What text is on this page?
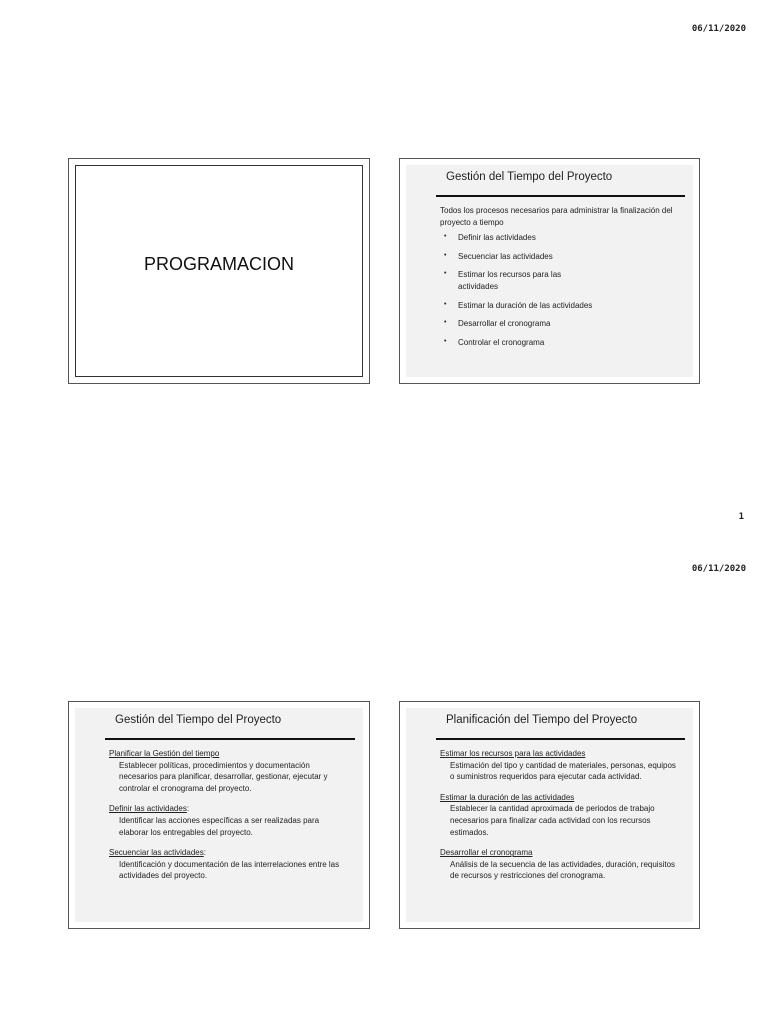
06/11/2020
PROGRAMACION
Gestión del Tiempo del Proyecto
Todos los procesos necesarios para administrar la finalización del proyecto a tiempo
• Definir las actividades
• Secuenciar las actividades
• Estimar los recursos para las actividades
• Estimar la duración de las actividades
• Desarrollar el cronograma
• Controlar el cronograma
1
06/11/2020
Gestión del Tiempo del Proyecto
Planificar la Gestión del tiempo
Establecer políticas, procedimientos y documentación necesarios para planificar, desarrollar, gestionar, ejecutar y controlar el cronograma del proyecto.
Definir las actividades:
Identificar las acciones específicas a ser realizadas para elaborar los entregables del proyecto.
Secuenciar las actividades:
Identificación y documentación de las interrelaciones entre las actividades del proyecto.
Planificación del Tiempo del Proyecto
Estimar los recursos para las actividades
Estimación del tipo y cantidad de materiales, personas, equipos o suministros requeridos para ejecutar cada actividad.
Estimar la duración de las actividades
Establecer la cantidad aproximada de periodos de trabajo necesarios para finalizar cada actividad con los recursos estimados.
Desarrollar el cronograma
Análisis de la secuencia de las actividades, duración, requisitos de recursos y restricciones del cronograma.
